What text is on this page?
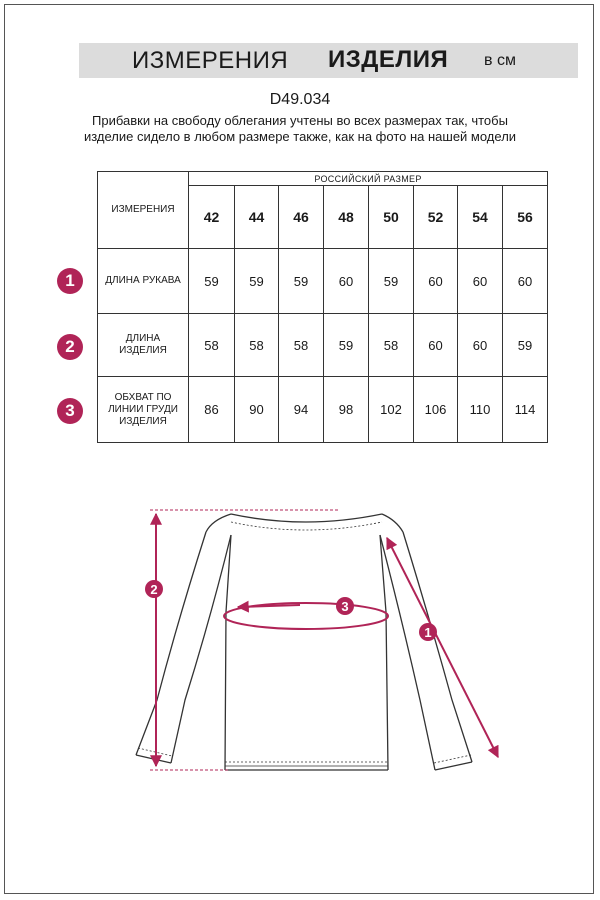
ИЗМЕРЕНИЯ ИЗДЕЛИЯ в см
D49.034
Прибавки на свободу облегания учтены во всех размерах так, чтобы изделие сидело в любом размере также, как на фото на нашей модели
ИЗМЕРЕНИЯ	РОССИЙСКИЙ РАЗМЕР							
	42	44	46	48	50	52	54	56
ДЛИНА РУКАВА	59	59	59	60	59	60	60	60
ДЛИНА ИЗДЕЛИЯ	58	58	58	59	58	60	60	59
ОБХВАТ ПО ЛИНИИ ГРУДИ ИЗДЕЛИЯ	86	90	94	98	102	106	110	114
1
2
3
2
3
1
